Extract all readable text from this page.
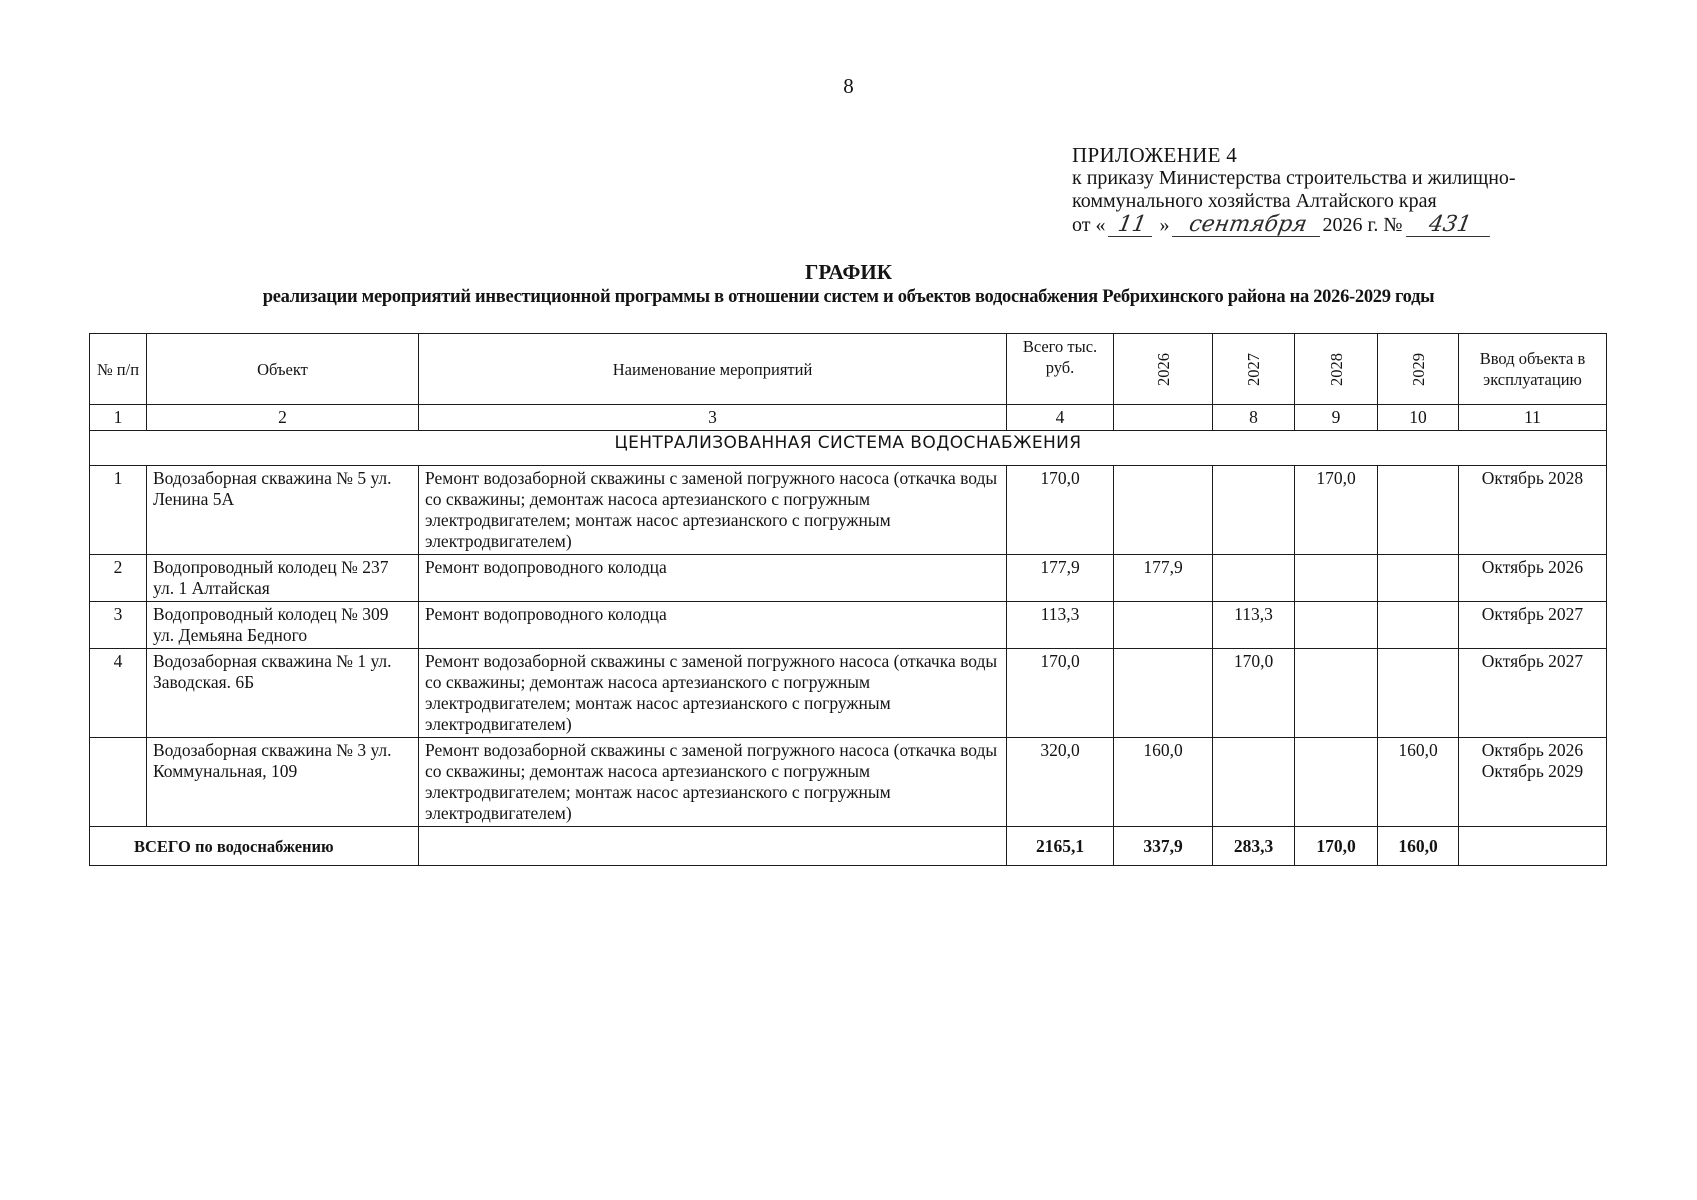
8
ПРИЛОЖЕНИЕ 4
к приказу Министерства строительства и жилищно-
коммунального хозяйства Алтайского края
от « 11 » сентября 2026 г. № 431
ГРАФИК
реализации мероприятий инвестиционной программы в отношении систем и объектов водоснабжения Ребрихинского района на 2026-2029 годы
№ п/п	Объект	Наименование мероприятий	Всего тыс. руб.	2026	2027	2028	2029	Ввод объекта в эксплуатацию
1	2	3	4		8	9	10	11
ЦЕНТРАЛИЗОВАННАЯ СИСТЕМА ВОДОСНАБЖЕНИЯ								
1	Водозаборная скважина № 5 ул. Ленина 5А	Ремонт водозаборной скважины с заменой погружного насоса (откачка воды со скважины; демонтаж насоса артезианского с погружным электродвигателем; монтаж насос артезианского с погружным электродвигателем)	170,0			170,0		Октябрь 2028
2	Водопроводный колодец № 237 ул. 1 Алтайская	Ремонт водопроводного колодца	177,9	177,9				Октябрь 2026
3	Водопроводный колодец № 309 ул. Демьяна Бедного	Ремонт водопроводного колодца	113,3		113,3			Октябрь 2027
4	Водозаборная скважина № 1 ул. Заводская. 6Б	Ремонт водозаборной скважины с заменой погружного насоса (откачка воды со скважины; демонтаж насоса артезианского с погружным электродвигателем; монтаж насос артезианского с погружным электродвигателем)	170,0		170,0			Октябрь 2027
	Водозаборная скважина № 3 ул. Коммунальная, 109	Ремонт водозаборной скважины с заменой погружного насоса (откачка воды со скважины; демонтаж насоса артезианского с погружным электродвигателем; монтаж насос артезианского с погружным электродвигателем)	320,0	160,0			160,0	Октябрь 2026 Октябрь 2029
ВСЕГО по водоснабжению			2165,1	337,9	283,3	170,0	160,0	
